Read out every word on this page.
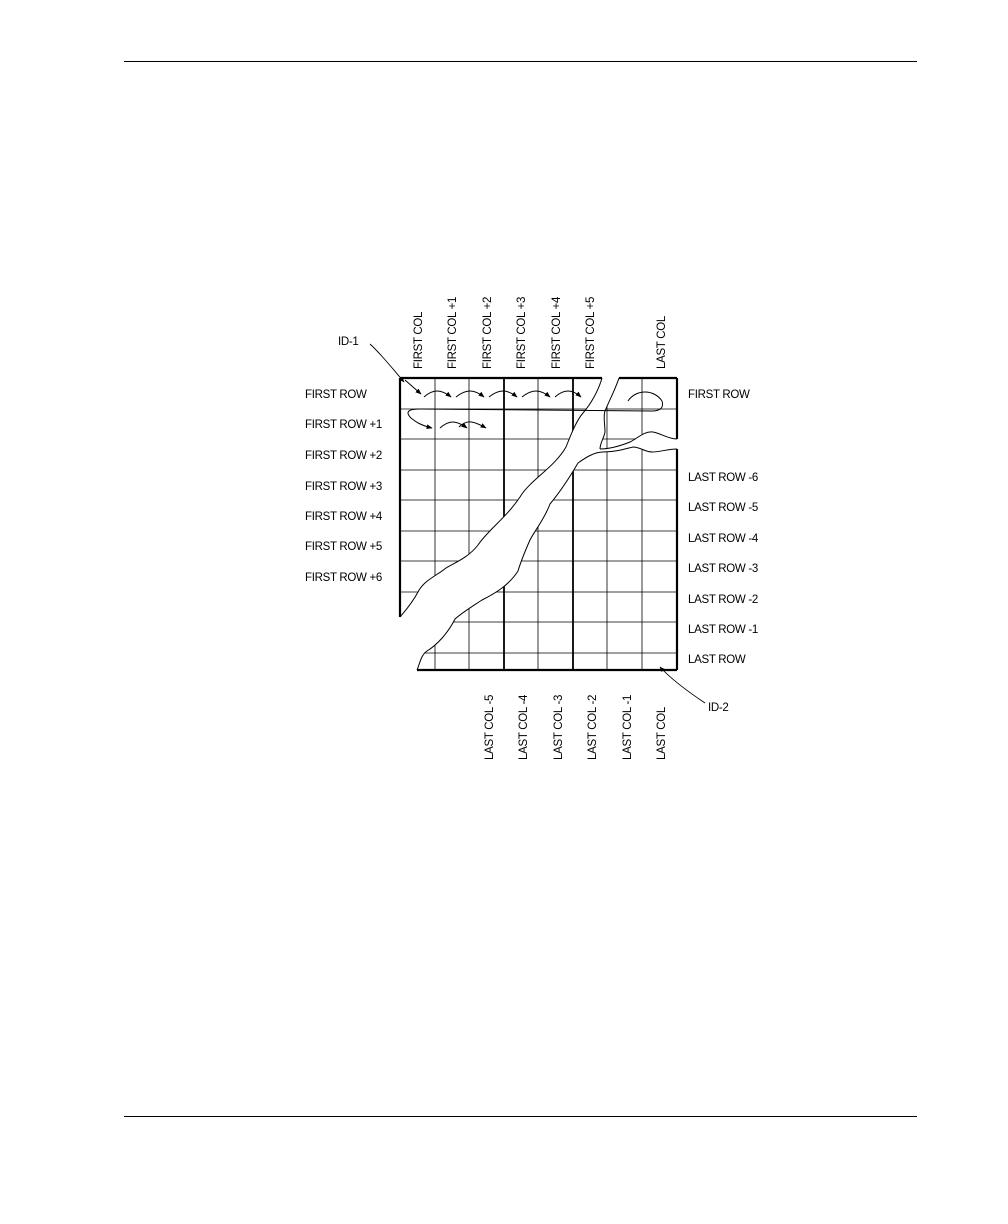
ID-1
ID-2
FIRST COL FIRST COL +1 FIRST COL +2 FIRST COL +3 FIRST COL +4 FIRST COL +5	LAST COL
LAST COL -5 LAST COL -4 LAST COL -3 LAST COL -2 LAST COL -1 LAST COL
FIRST ROW
FIRST ROW +1
FIRST ROW +2
FIRST ROW +3
FIRST ROW +4
FIRST ROW +5
FIRST ROW +6
FIRST ROW
LAST ROW -6
LAST ROW -5
LAST ROW -4
LAST ROW -3
LAST ROW -2
LAST ROW -1
LAST ROW
